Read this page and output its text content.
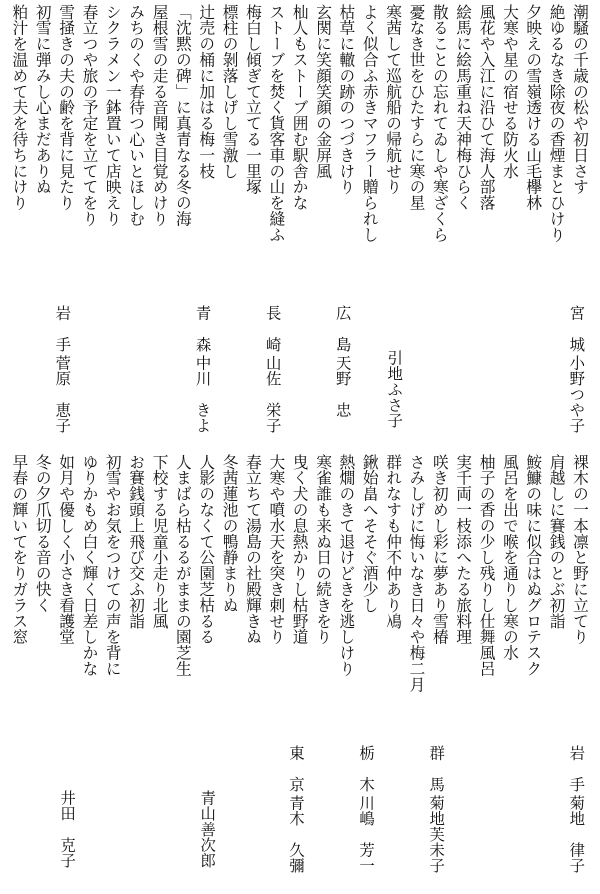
潮騒の千歳の松や初日さす
絶ゆるなき除夜の香煙まとひけり
夕映えの雪嶺透ける山毛欅林
大寒や星の宿せる防火水
風花や入江に沿ひて海人部落
絵馬に絵馬重ね天神梅ひらく
散ることの忘れてゐしや寒ざくら
宮　城
小野つや子
憂なき世をひたすらに寒の星
寒茜して巡航船の帰航せり
よく似合ふ赤きマフラー贈られし
引地ふさ子
枯草に轍の跡のつづきけり
玄関に笑顔笑顔の金屏風
杣人もストーブ囲む駅舎かな
広　島
天野　忠
ストーブを焚く貨客車の山を縫ふ
梅白し傾ぎて立てる一里塚
標柱の剝落しげし雪激し
長　崎
山佐　栄子
辻売の桶に加はる梅一枝
「沈黙の碑」に真青なる冬の海
屋根雪の走る音聞き目覚めけり
青　森
中川　きよ
みちのくや春待つ心いとほしむ
シクラメン一鉢置いて店映えり
春立つや旅の予定を立ててをり
雪掻きの夫の齢を背に見たり
初雪に弾みし心まだありぬ
粕汁を温めて夫を待ちにけり
岩　手
菅原　恵子
裸木の一本凛と野に立てり
肩越しに賽銭のとぶ初詣
鮟鱇の味に似合はぬグロテスク
岩　手
菊地　律子
風呂を出で喉を通りし寒の水
柚子の香の少し残りし仕舞風呂
実千両一枝添へたる旅料理
咲き初めし彩に夢あり雪椿
さみしげに悔いなき日々や梅二月
群れなすも仲不仲あり鳰
群　馬
菊地芙未子
鍬始畠へそそぐ酒少し
熱燗のきて退けどきを逃しけり
寒雀誰も来ぬ日の続きをり
栃　木
川嶋　芳一
曳く犬の息熱かりし枯野道
大寒や噴水天を突き刺せり
春立ちて湯島の社殿輝きぬ
東　京
青木　久彌
冬茜蓮池の鴨静まりぬ
人影のなくて公園芝枯るる
人まばら枯るるがままの園芝生
青山善次郎
下校する児童小走り北風
お賽銭頭上飛び交ふ初詣
初雪やお気をつけての声を背に
ゆりかもめ白く輝く日差しかな
如月や優しく小さき看護堂
冬の夕爪切る音の快く
早春の輝いてをりガラス窓
井田　克子
